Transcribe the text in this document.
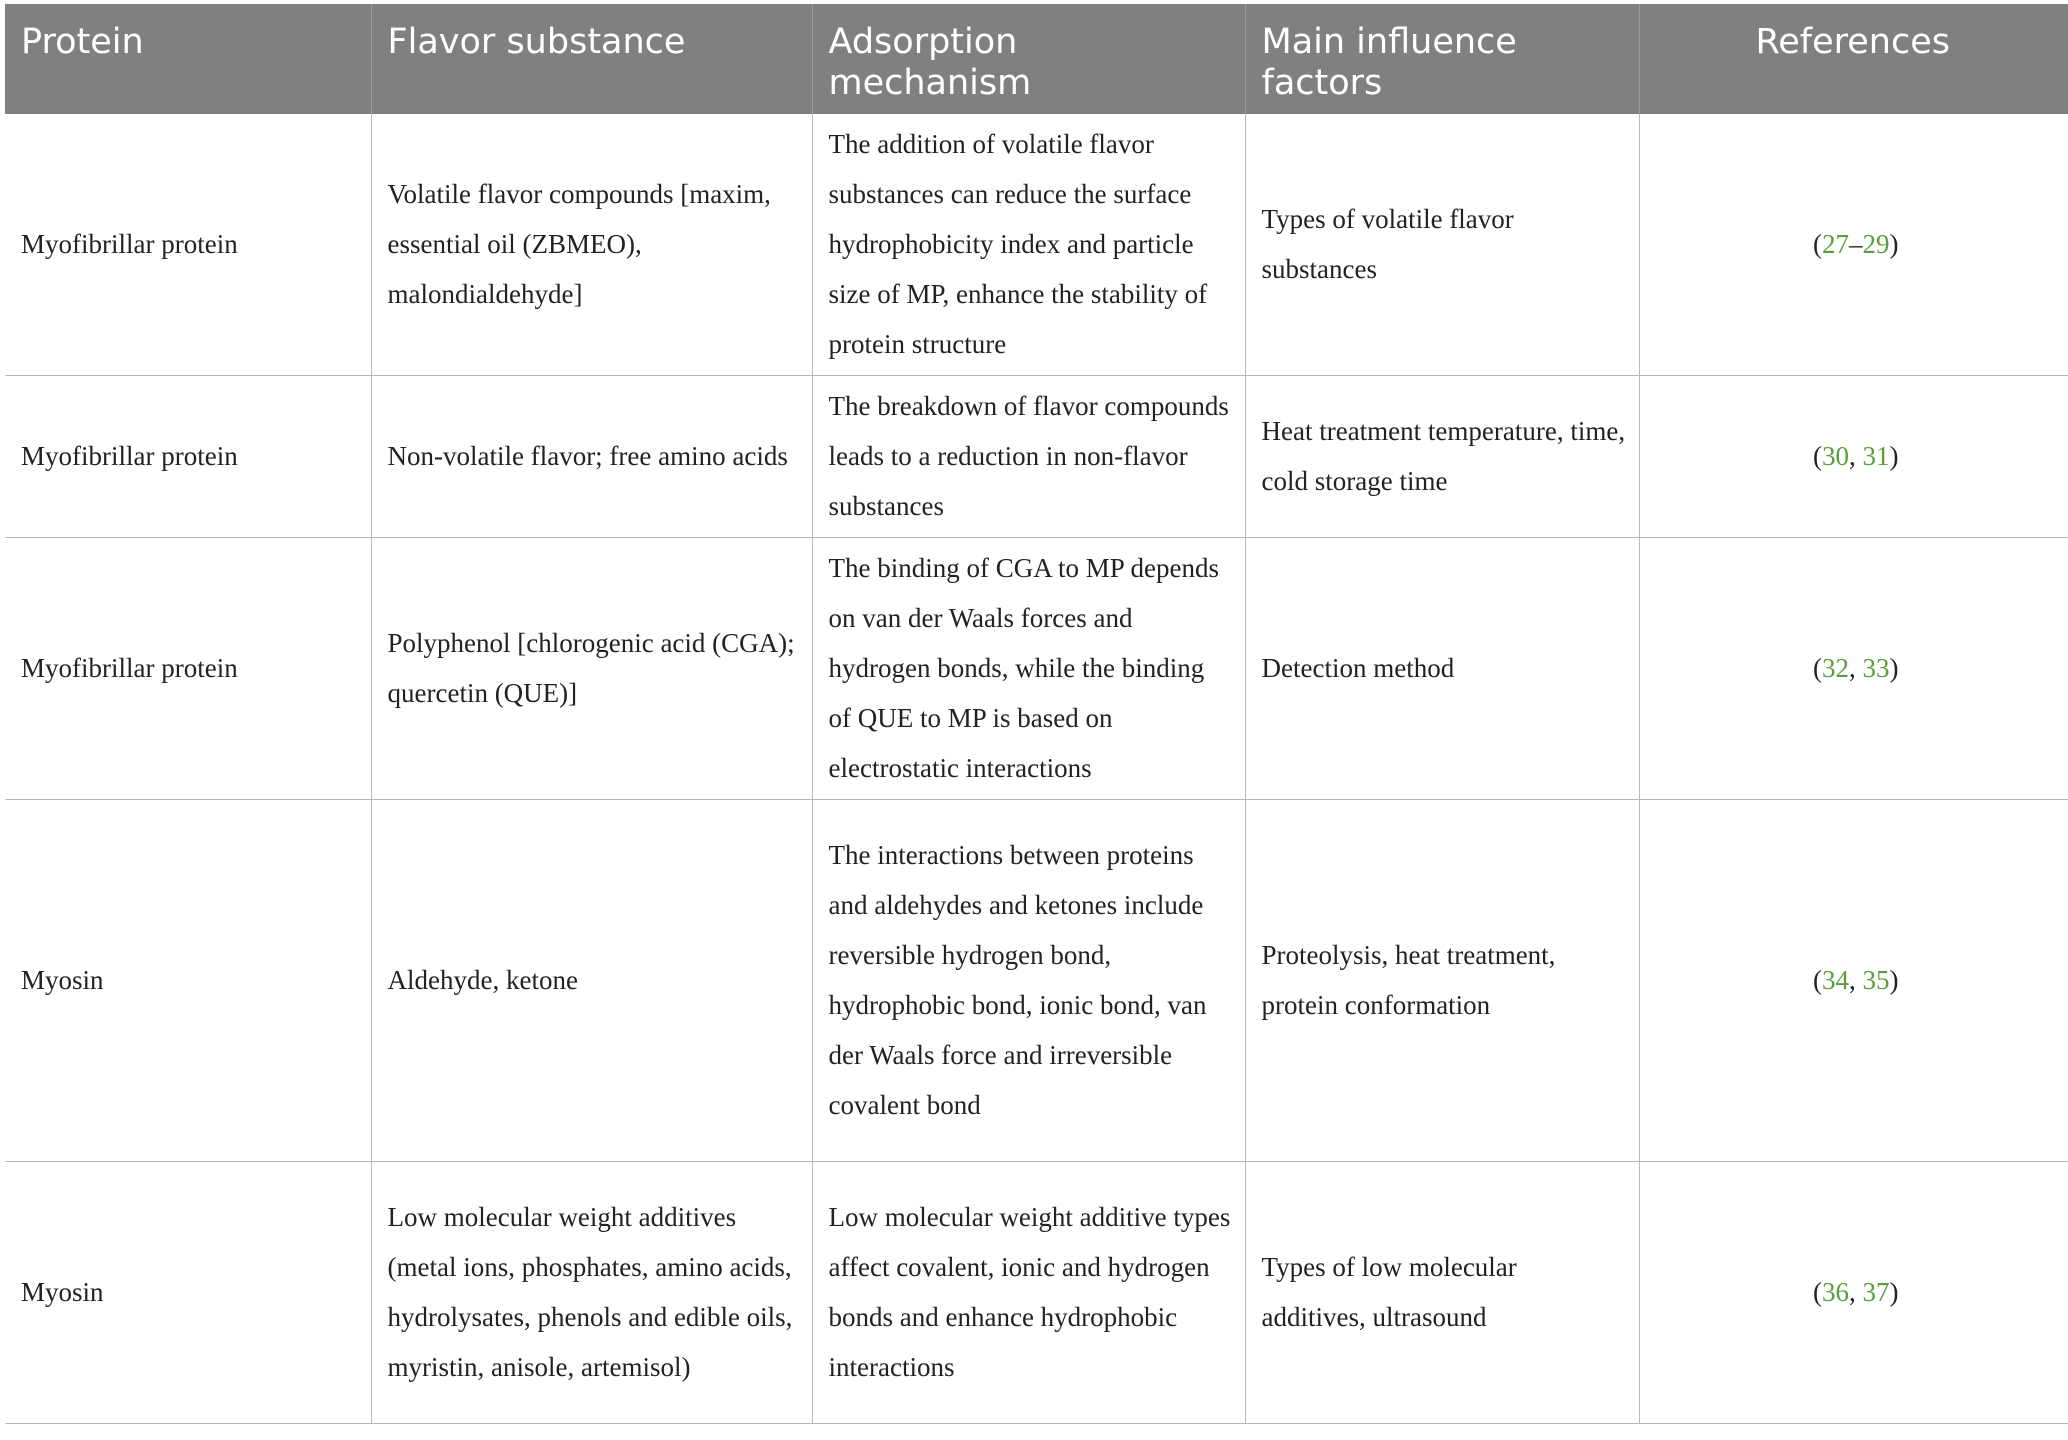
Protein	Flavor substance	Adsorption mechanism	Main influence factors	References
Myofibrillar protein	Volatile flavor compounds [maxim, essential oil (ZBMEO), malondialdehyde]	The addition of volatile flavor substances can reduce the surface hydrophobicity index and particle size of MP, enhance the stability of protein structure	Types of volatile flavor substances	(27–29)
Myofibrillar protein	Non-volatile flavor; free amino acids	The breakdown of flavor compounds leads to a reduction in non-flavor substances	Heat treatment temperature, time, cold storage time	(30, 31)
Myofibrillar protein	Polyphenol [chlorogenic acid (CGA); quercetin (QUE)]	The binding of CGA to MP depends on van der Waals forces and hydrogen bonds, while the binding of QUE to MP is based on electrostatic interactions	Detection method	(32, 33)
Myosin	Aldehyde, ketone	The interactions between proteins and aldehydes and ketones include reversible hydrogen bond, hydrophobic bond, ionic bond, van der Waals force and irreversible covalent bond	Proteolysis, heat treatment, protein conformation	(34, 35)
Myosin	Low molecular weight additives (metal ions, phosphates, amino acids, hydrolysates, phenols and edible oils, myristin, anisole, artemisol)	Low molecular weight additive types affect covalent, ionic and hydrogen bonds and enhance hydrophobic interactions	Types of low molecular additives, ultrasound	(36, 37)
